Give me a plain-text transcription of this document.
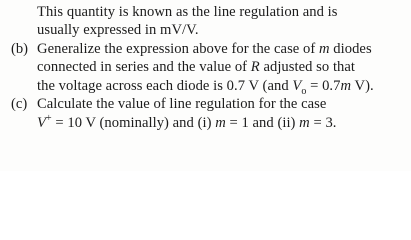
This quantity is known as the line regulation and is
usually expressed in mV/V.
(b) Generalize the expression above for the case of m diodes
connected in series and the value of R adjusted so that
the voltage across each diode is 0.7 V (and $V_o = 0.7m$ V).
(c) Calculate the value of line regulation for the case
V+ = 10 V (nominally) and (i) m = 1 and (ii) m = 3.
